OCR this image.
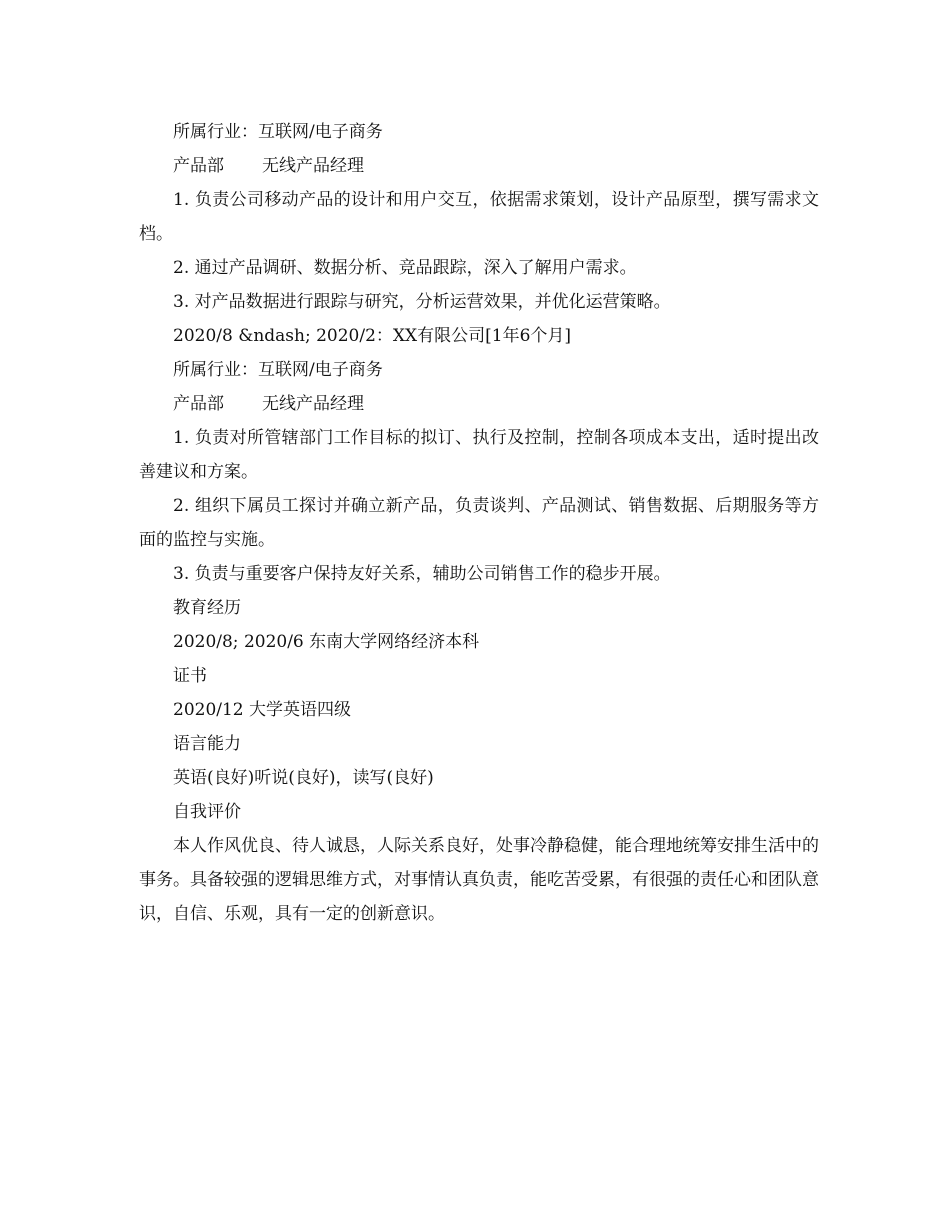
所属行业：互联网/电子商务

产品部 无线产品经理

1. 负责公司移动产品的设计和用户交互，依据需求策划，设计产品原型，撰写需求文档。

2. 通过产品调研、数据分析、竞品跟踪，深入了解用户需求。

3. 对产品数据进行跟踪与研究，分析运营效果，并优化运营策略。

2020/8 &ndash; 2020/2：XX有限公司[1年6个月]

所属行业：互联网/电子商务

产品部 无线产品经理

1. 负责对所管辖部门工作目标的拟订、执行及控制，控制各项成本支出，适时提出改善建议和方案。

2. 组织下属员工探讨并确立新产品，负责谈判、产品测试、销售数据、后期服务等方面的监控与实施。

3. 负责与重要客户保持友好关系，辅助公司销售工作的稳步开展。

教育经历

2020/8; 2020/6 东南大学网络经济本科

证书

2020/12 大学英语四级

语言能力

英语(良好)听说(良好)，读写(良好)

自我评价

本人作风优良、待人诚恳，人际关系良好，处事冷静稳健，能合理地统筹安排生活中的事务。具备较强的逻辑思维方式，对事情认真负责，能吃苦受累，有很强的责任心和团队意识，自信、乐观，具有一定的创新意识。
